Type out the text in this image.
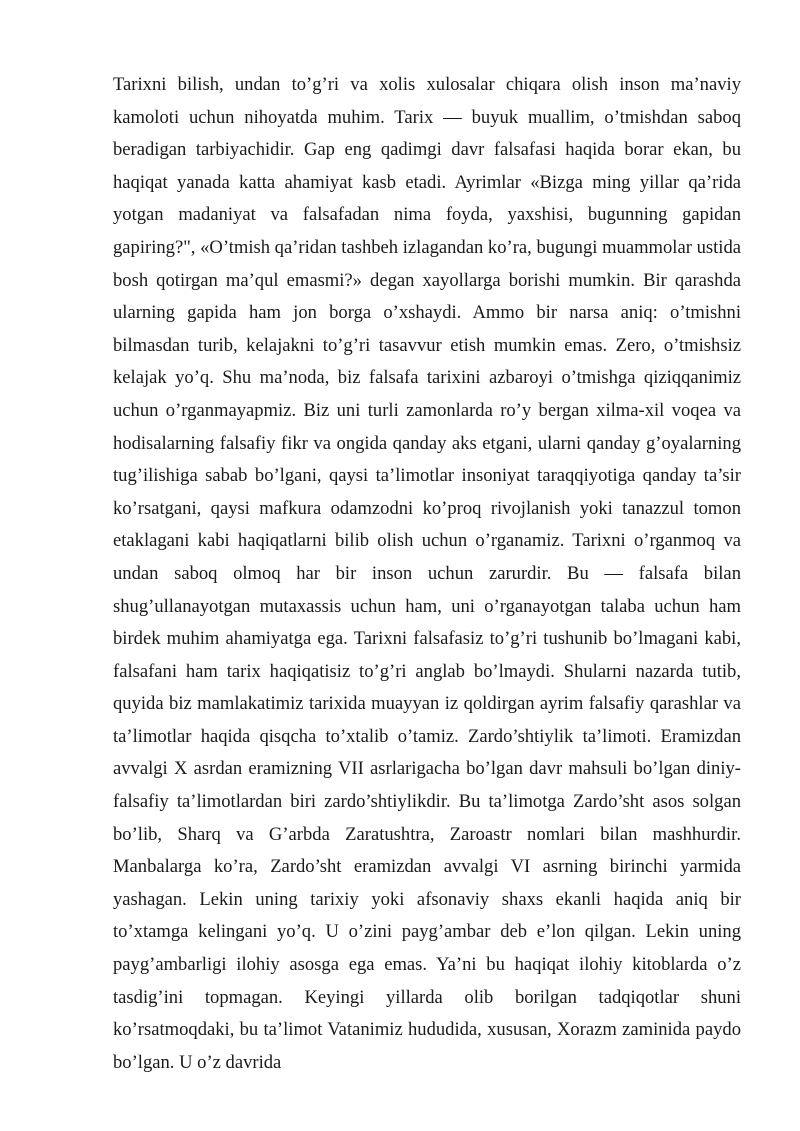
Tarixni bilish, undan to’g’ri va xolis xulosalar chiqara olish inson ma’naviy kamoloti uchun nihoyatda muhim. Tarix — buyuk muallim, o’tmishdan saboq beradigan tarbiyachidir. Gap eng qadimgi davr falsafasi haqida borar ekan, bu haqiqat yanada katta ahamiyat kasb etadi. Ayrimlar «Bizga ming yillar qa’rida yotgan madaniyat va falsafadan nima foyda, yaxshisi, bugunning gapidan gapiring?", «O’tmish qa’ridan tashbeh izlagandan ko’ra, bugungi muammolar ustida bosh qotirgan ma’qul emasmi?» degan xayollarga borishi mumkin. Bir qarashda ularning gapida ham jon borga o’xshaydi. Ammo bir narsa aniq: o’tmishni bilmasdan turib, kelajakni to’g’ri tasavvur etish mumkin emas. Zero, o’tmishsiz kelajak yo’q. Shu ma’noda, biz falsafa tarixini azbaroyi o’tmishga qiziqqanimiz uchun o’rganmayapmiz. Biz uni turli zamonlarda ro’y bergan xilma-xil voqea va hodisalarning falsafiy fikr va ongida qanday aks etgani, ularni qanday g’oyalarning tug’ilishiga sabab bo’lgani, qaysi ta’limotlar insoniyat taraqqiyotiga qanday ta’sir ko’rsatgani, qaysi mafkura odamzodni ko’proq rivojlanish yoki tanazzul tomon etaklagani kabi haqiqatlarni bilib olish uchun o’rganamiz. Tarixni o’rganmoq va undan saboq olmoq har bir inson uchun zarurdir. Bu — falsafa bilan shug’ullanayotgan mutaxassis uchun ham, uni o’rganayotgan talaba uchun ham birdek muhim ahamiyatga ega. Tarixni falsafasiz to’g’ri tushunib bo’lmagani kabi, falsafani ham tarix haqiqatisiz to’g’ri anglab bo’lmaydi. Shularni nazarda tutib, quyida biz mamlakatimiz tarixida muayyan iz qoldirgan ayrim falsafiy qarashlar va ta’limotlar haqida qisqcha to’xtalib o’tamiz. Zardo’shtiylik ta’limoti. Eramizdan avvalgi X asrdan eramizning VII asrlarigacha bo’lgan davr mahsuli bo’lgan diniy-falsafiy ta’limotlardan biri zardo’shtiylikdir. Bu ta’limotga Zardo’sht asos solgan bo’lib, Sharq va G’arbda Zaratushtra, Zaroastr nomlari bilan mashhurdir. Manbalarga ko’ra, Zardo’sht eramizdan avvalgi VI asrning birinchi yarmida yashagan. Lekin uning tarixiy yoki afsonaviy shaxs ekanli haqida aniq bir to’xtamga kelingani yo’q. U o’zini payg’ambar deb e’lon qilgan. Lekin uning payg’ambarligi ilohiy asosga ega emas. Ya’ni bu haqiqat ilohiy kitoblarda o’z tasdig’ini topmagan. Keyingi yillarda olib borilgan tadqiqotlar shuni ko’rsatmoqdaki, bu ta’limot Vatanimiz hududida, xususan, Xorazm zaminida paydo bo’lgan. U o’z davrida
